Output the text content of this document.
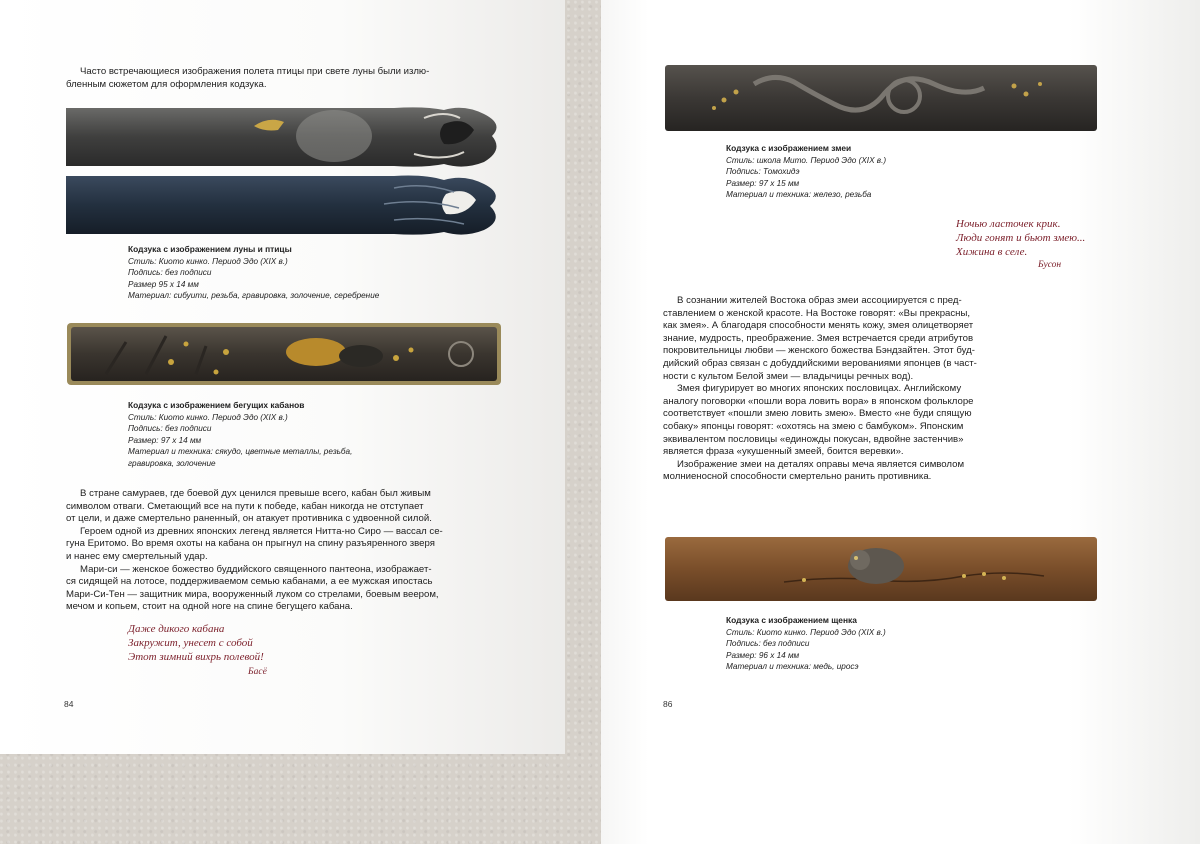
Часто встречающиеся изображения полета птицы при свете луны были излю-
бленным сюжетом для оформления кодзука.
Кодзука с изображением луны и птицы
Стиль: Киото кинко. Период Эдо (XIX в.)
Подпись: без подписи
Размер 95 х 14 мм
Материал: сибуити, резьба, гравировка, золочение, серебрение
Кодзука с изображением бегущих кабанов
Стиль: Киото кинко. Период Эдо (XIX в.)
Подпись: без подписи
Размер: 97 х 14 мм
Материал и техника: сякудо, цветные металлы, резьба,
гравировка, золочение
В стране самураев, где боевой дух ценился превыше всего, кабан был живым
символом отваги. Сметающий все на пути к победе, кабан никогда не отступает
от цели, и даже смертельно раненный, он атакует противника с удвоенной силой.
Героем одной из древних японских легенд является Нитта-но Сиро — вассал се-
гуна Еритомо. Во время охоты на кабана он прыгнул на спину разъяренного зверя
и нанес ему смертельный удар.
Мари-си — женское божество буддийского священного пантеона, изображает-
ся сидящей на лотосе, поддерживаемом семью кабанами, а ее мужская ипостась
Мари-Си-Тен — защитник мира, вооруженный луком со стрелами, боевым веером,
мечом и копьем, стоит на одной ноге на спине бегущего кабана.
Даже дикого кабана
Закружит, унесет с собой
Этот зимний вихрь полевой!
Басё
84
Кодзука с изображением змеи
Стиль: школа Мито. Период Эдо (XIX в.)
Подпись: Томохидэ
Размер: 97 х 15 мм
Материал и техника: железо, резьба
Ночью ласточек крик.
Люди гонят и бьют змею...
Хижина в селе.
Бусон
В сознании жителей Востока образ змеи ассоциируется с пред-
ставлением о женской красоте. На Востоке говорят: «Вы прекрасны,
как змея». А благодаря способности менять кожу, змея олицетворяет
знание, мудрость, преображение. Змея встречается среди атрибутов
покровительницы любви — женского божества Бэндзайтен. Этот буд-
дийский образ связан с добуддийскими верованиями японцев (в част-
ности с культом Белой змеи — владычицы речных вод).
Змея фигурирует во многих японских пословицах. Английскому
аналогу поговорки «пошли вора ловить вора» в японском фольклоре
соответствует «пошли змею ловить змею». Вместо «не буди спящую
собаку» японцы говорят: «охотясь на змею с бамбуком». Японским
эквивалентом пословицы «единожды покусан, вдвойне застенчив»
является фраза «укушенный змеей, боится веревки».
Изображение змеи на деталях оправы меча является символом
молниеносной способности смертельно ранить противника.
Кодзука с изображением щенка
Стиль: Киото кинко. Период Эдо (XIX в.)
Подпись: без подписи
Размер: 96 х 14 мм
Материал и техника: медь, иросэ
86
